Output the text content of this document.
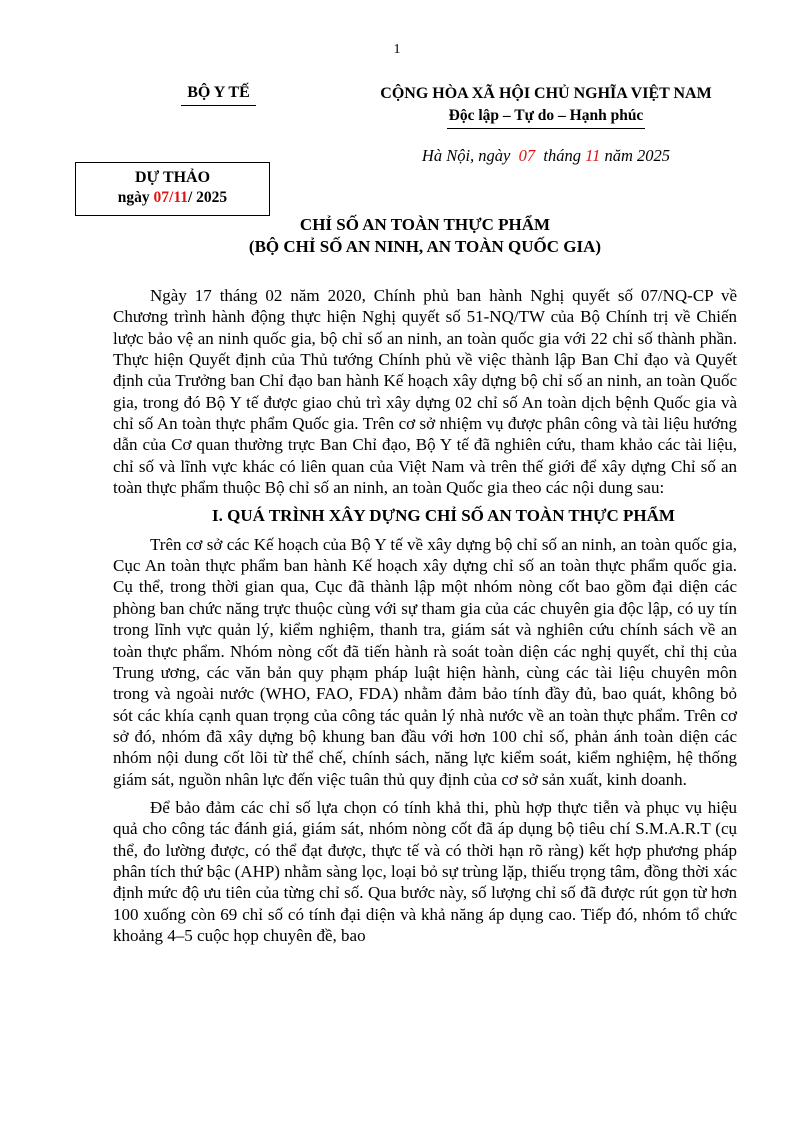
1
BỘ Y TẾ	CỘNG HÒA XÃ HỘI CHỦ NGHĨA VIỆT NAM
Độc lập – Tự do – Hạnh phúc
Hà Nội, ngày  07  tháng 11 năm 2025
DỰ THẢO
ngày 07/11/ 2025
CHỈ SỐ AN TOÀN THỰC PHẨM
(BỘ CHỈ SỐ AN NINH, AN TOÀN QUỐC GIA)

Ngày 17 tháng 02 năm 2020, Chính phủ ban hành Nghị quyết số 07/NQ-CP về Chương trình hành động thực hiện Nghị quyết số 51-NQ/TW của Bộ Chính trị về Chiến lược bảo vệ an ninh quốc gia, bộ chỉ số an ninh, an toàn quốc gia với 22 chỉ số thành phần. Thực hiện Quyết định của Thủ tướng Chính phủ về việc thành lập Ban Chỉ đạo và Quyết định của Trưởng ban Chỉ đạo ban hành Kế hoạch xây dựng bộ chỉ số an ninh, an toàn Quốc gia, trong đó Bộ Y tế được giao chủ trì xây dựng 02 chỉ số An toàn dịch bệnh Quốc gia và chỉ số An toàn thực phẩm Quốc gia. Trên cơ sở nhiệm vụ được phân công và tài liệu hướng dẫn của Cơ quan thường trực Ban Chỉ đạo, Bộ Y tế đã nghiên cứu, tham khảo các tài liệu, chỉ số và lĩnh vực khác có liên quan của Việt Nam và trên thế giới để xây dựng Chỉ số an toàn thực phẩm thuộc Bộ chỉ số an ninh, an toàn Quốc gia theo các nội dung sau:

I. QUÁ TRÌNH XÂY DỰNG CHỈ SỐ AN TOÀN THỰC PHẨM

Trên cơ sở các Kế hoạch của Bộ Y tế về xây dựng bộ chỉ số an ninh, an toàn quốc gia, Cục An toàn thực phẩm ban hành Kế hoạch xây dựng chỉ số an toàn thực phẩm quốc gia. Cụ thể, trong thời gian qua, Cục đã thành lập một nhóm nòng cốt bao gồm đại diện các phòng ban chức năng trực thuộc cùng với sự tham gia của các chuyên gia độc lập, có uy tín trong lĩnh vực quản lý, kiểm nghiệm, thanh tra, giám sát và nghiên cứu chính sách về an toàn thực phẩm. Nhóm nòng cốt đã tiến hành rà soát toàn diện các nghị quyết, chỉ thị của Trung ương, các văn bản quy phạm pháp luật hiện hành, cùng các tài liệu chuyên môn trong và ngoài nước (WHO, FAO, FDA) nhằm đảm bảo tính đầy đủ, bao quát, không bỏ sót các khía cạnh quan trọng của công tác quản lý nhà nước về an toàn thực phẩm. Trên cơ sở đó, nhóm đã xây dựng bộ khung ban đầu với hơn 100 chỉ số, phản ánh toàn diện các nhóm nội dung cốt lõi từ thể chế, chính sách, năng lực kiểm soát, kiểm nghiệm, hệ thống giám sát, nguồn nhân lực đến việc tuân thủ quy định của cơ sở sản xuất, kinh doanh.

Để bảo đảm các chỉ số lựa chọn có tính khả thi, phù hợp thực tiễn và phục vụ hiệu quả cho công tác đánh giá, giám sát, nhóm nòng cốt đã áp dụng bộ tiêu chí S.M.A.R.T (cụ thể, đo lường được, có thể đạt được, thực tế và có thời hạn rõ ràng) kết hợp phương pháp phân tích thứ bậc (AHP) nhằm sàng lọc, loại bỏ sự trùng lặp, thiếu trọng tâm, đồng thời xác định mức độ ưu tiên của từng chỉ số. Qua bước này, số lượng chỉ số đã được rút gọn từ hơn 100 xuống còn 69 chỉ số có tính đại diện và khả năng áp dụng cao. Tiếp đó, nhóm tổ chức khoảng 4–5 cuộc họp chuyên đề, bao
